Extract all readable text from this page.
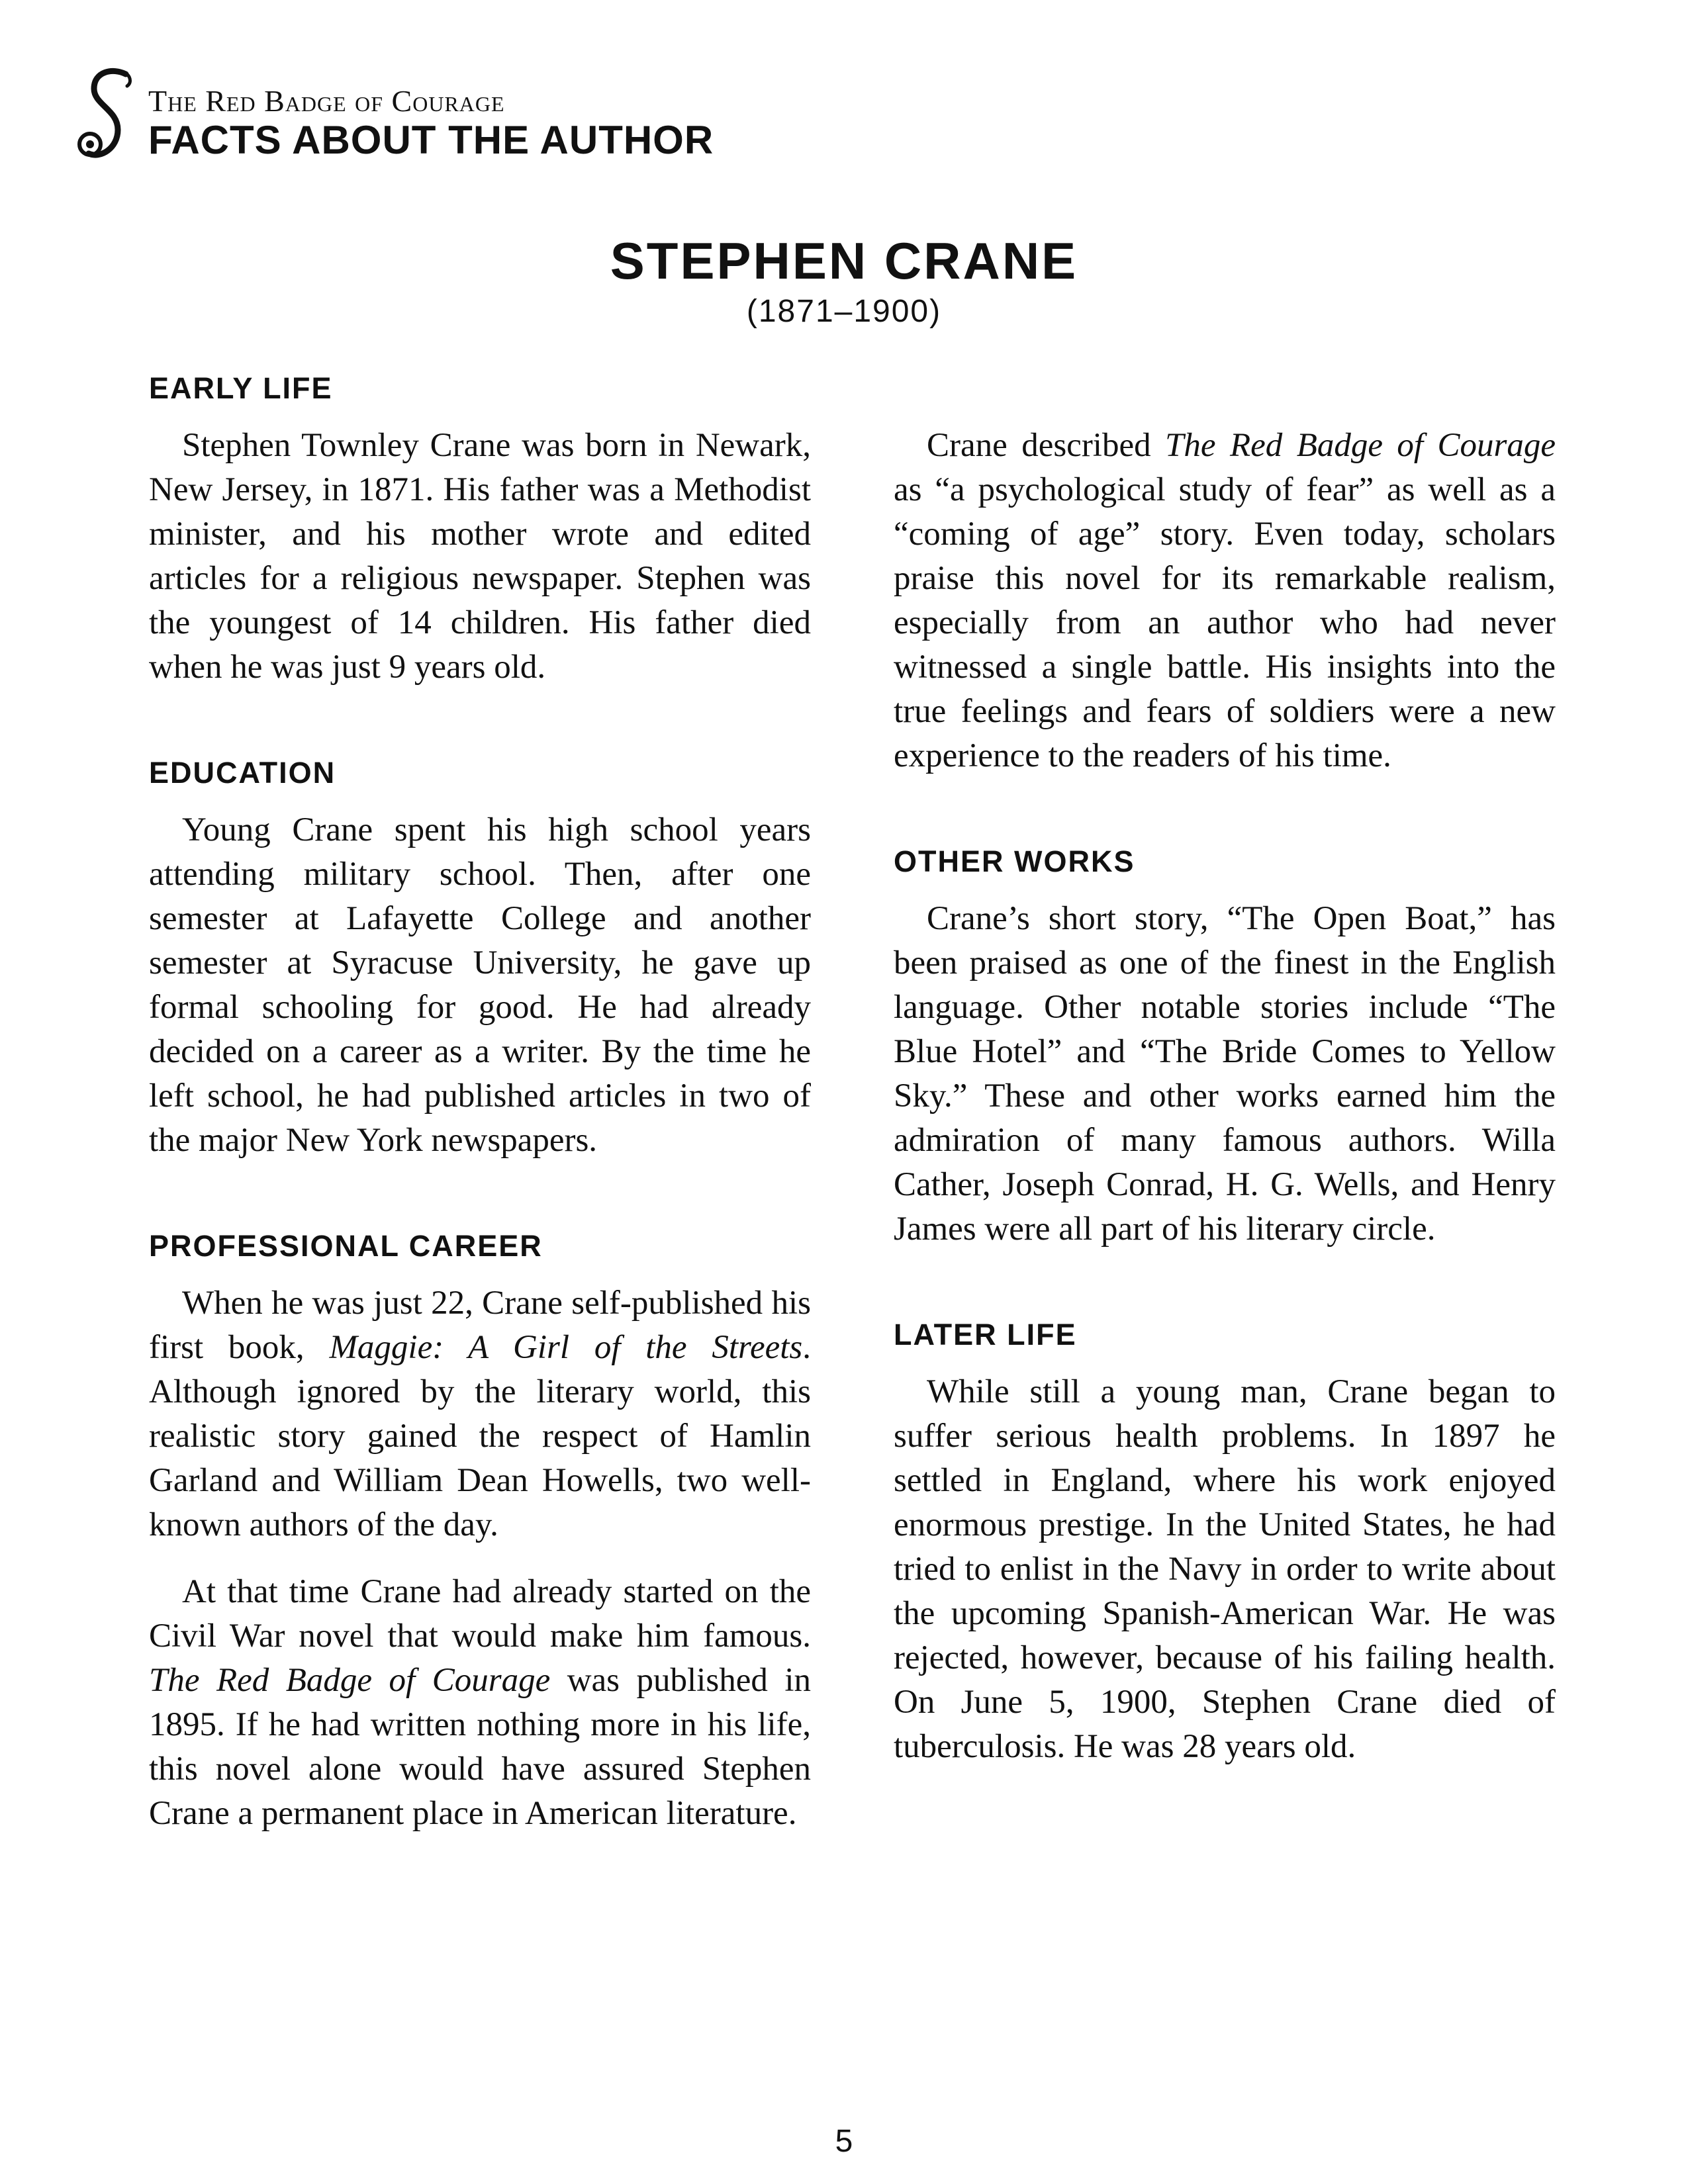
The Red Badge of Courage
FACTS ABOUT THE AUTHOR
STEPHEN CRANE
(1871–1900)
EARLY LIFE

Stephen Townley Crane was born in Newark, New Jersey, in 1871. His father was a Methodist minister, and his mother wrote and edited articles for a religious newspaper. Stephen was the youngest of 14 children. His father died when he was just 9 years old.

EDUCATION

Young Crane spent his high school years attending military school. Then, after one semester at Lafayette College and another semester at Syracuse University, he gave up formal schooling for good. He had already decided on a career as a writer. By the time he left school, he had published articles in two of the major New York newspapers.

PROFESSIONAL CAREER

When he was just 22, Crane self-published his first book, Maggie: A Girl of the Streets. Although ignored by the literary world, this realistic story gained the respect of Hamlin Garland and William Dean Howells, two well-known authors of the day.

At that time Crane had already started on the Civil War novel that would make him famous. The Red Badge of Courage was published in 1895. If he had written nothing more in his life, this novel alone would have assured Stephen Crane a permanent place in American literature.

Crane described The Red Badge of Courage as “a psychological study of fear” as well as a “coming of age” story. Even today, scholars praise this novel for its remarkable realism, especially from an author who had never witnessed a single battle. His insights into the true feelings and fears of soldiers were a new experience to the readers of his time.

OTHER WORKS

Crane’s short story, “The Open Boat,” has been praised as one of the finest in the English language. Other notable stories include “The Blue Hotel” and “The Bride Comes to Yellow Sky.” These and other works earned him the admiration of many famous authors. Willa Cather, Joseph Conrad, H. G. Wells, and Henry James were all part of his literary circle.

LATER LIFE

While still a young man, Crane began to suffer serious health problems. In 1897 he settled in England, where his work enjoyed enormous prestige. In the United States, he had tried to enlist in the Navy in order to write about the upcoming Spanish-American War. He was rejected, however, because of his failing health. On June 5, 1900, Stephen Crane died of tuberculosis. He was 28 years old.

5
